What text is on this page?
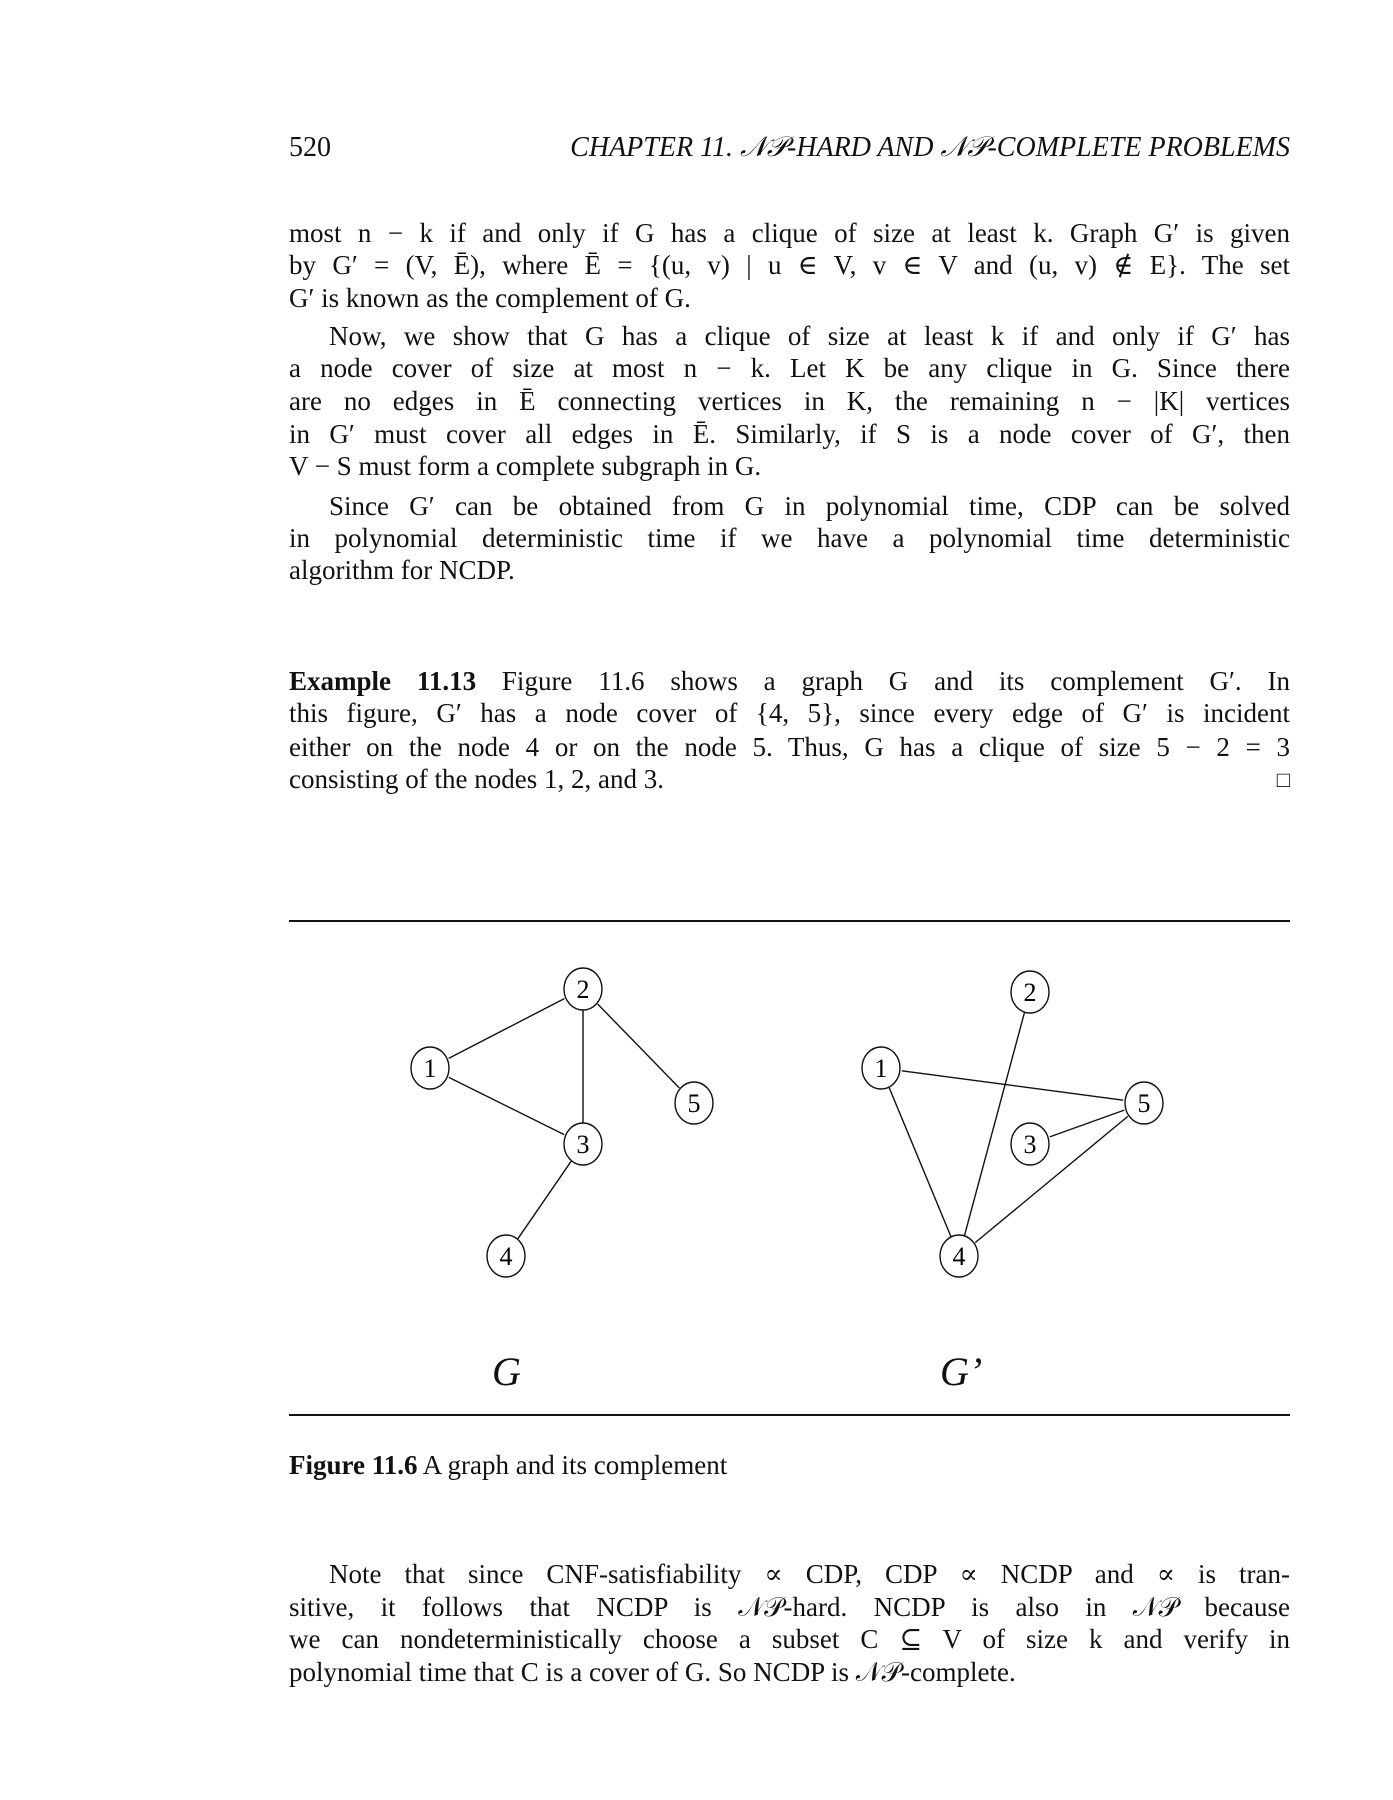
520	CHAPTER 11. 𝒩𝒫-HARD AND 𝒩𝒫-COMPLETE PROBLEMS
most n − k if and only if G has a clique of size at least k. Graph G′ is given
by G′ = (V, Ē), where Ē = {(u, v) | u ∈ V, v ∈ V and (u, v) ∉ E}. The set
G′ is known as the complement of G.
Now, we show that G has a clique of size at least k if and only if G′ has
a node cover of size at most n − k. Let K be any clique in G. Since there
are no edges in Ē connecting vertices in K, the remaining n − |K| vertices
in G′ must cover all edges in Ē. Similarly, if S is a node cover of G′, then
V − S must form a complete subgraph in G.
Since G′ can be obtained from G in polynomial time, CDP can be solved
in polynomial deterministic time if we have a polynomial time deterministic
algorithm for NCDP.
Example 11.13 Figure 11.6 shows a graph G and its complement G′. In
this figure, G′ has a node cover of {4, 5}, since every edge of G′ is incident
either on the node 4 or on the node 5. Thus, G has a clique of size 5 − 2 = 3
consisting of the nodes 1, 2, and 3.	□
1
2
3
4
5
1
2
3
4
5
G	G’
Figure 11.6 A graph and its complement
Note that since CNF-satisfiability ∝ CDP, CDP ∝ NCDP and ∝ is tran-
sitive, it follows that NCDP is 𝒩𝒫-hard. NCDP is also in 𝒩𝒫 because
we can nondeterministically choose a subset C ⊆ V of size k and verify in
polynomial time that C is a cover of G. So NCDP is 𝒩𝒫-complete.
